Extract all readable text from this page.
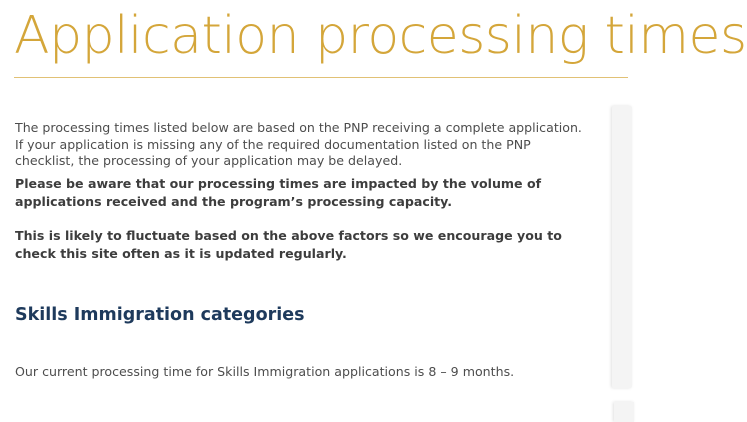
Application processing times

The processing times listed below are based on the PNP receiving a complete application. If your application is missing any of the required documentation listed on the PNP checklist, the processing of your application may be delayed.

Please be aware that our processing times are impacted by the volume of applications received and the program’s processing capacity.

This is likely to fluctuate based on the above factors so we encourage you to check this site often as it is updated regularly.

Skills Immigration categories

Our current processing time for Skills Immigration applications is 8 – 9 months.
